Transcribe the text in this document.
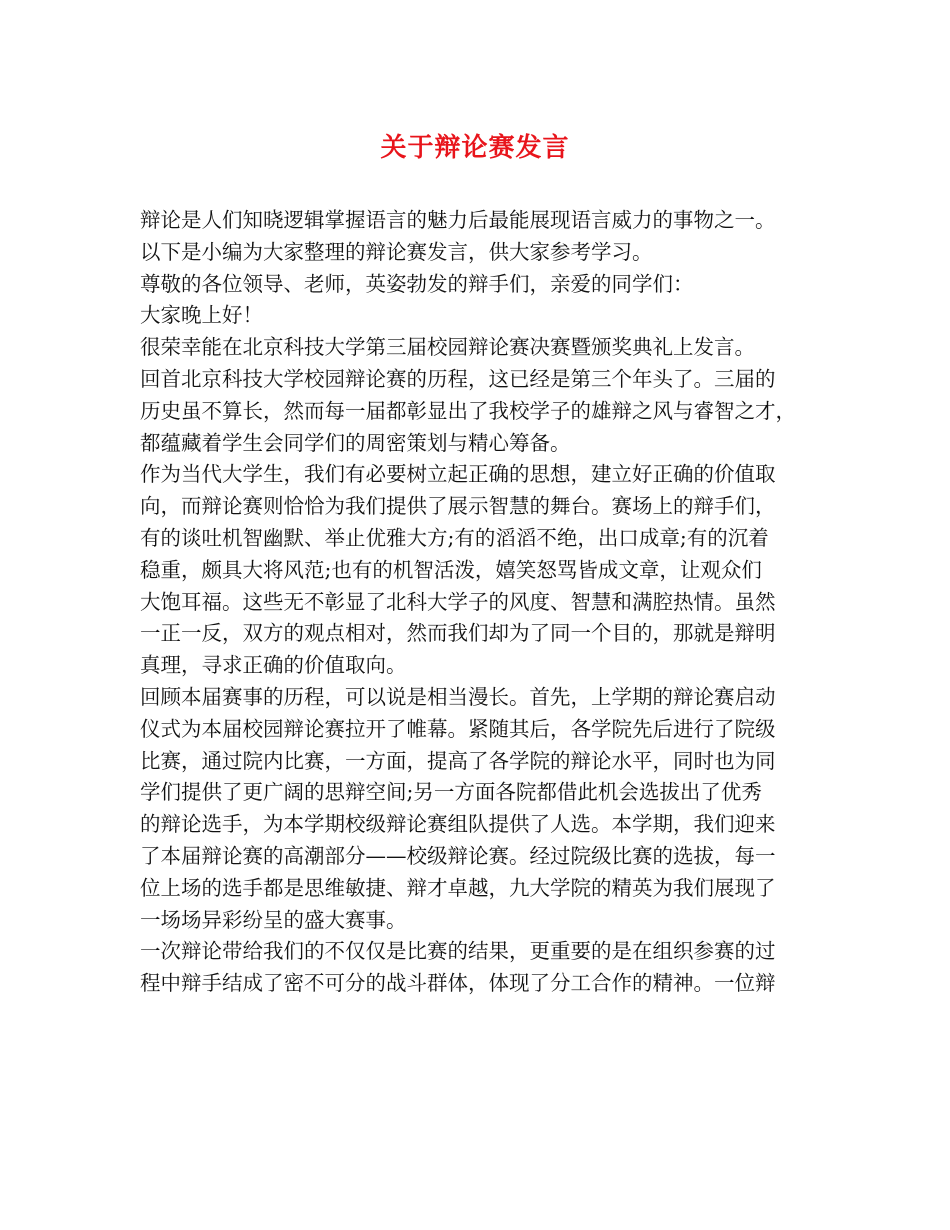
关于辩论赛发言

辩论是人们知晓逻辑掌握语言的魅力后最能展现语言威力的事物之一。

以下是小编为大家整理的辩论赛发言，供大家参考学习。

尊敬的各位领导、老师，英姿勃发的辩手们，亲爱的同学们：

大家晚上好！

很荣幸能在北京科技大学第三届校园辩论赛决赛暨颁奖典礼上发言。

回首北京科技大学校园辩论赛的历程，这已经是第三个年头了。三届的
历史虽不算长，然而每一届都彰显出了我校学子的雄辩之风与睿智之才，
都蕴藏着学生会同学们的周密策划与精心筹备。

作为当代大学生，我们有必要树立起正确的思想，建立好正确的价值取
向，而辩论赛则恰恰为我们提供了展示智慧的舞台。赛场上的辩手们，
有的谈吐机智幽默、举止优雅大方;有的滔滔不绝，出口成章;有的沉着
稳重，颇具大将风范;也有的机智活泼，嬉笑怒骂皆成文章，让观众们
大饱耳福。这些无不彰显了北科大学子的风度、智慧和满腔热情。虽然
一正一反，双方的观点相对，然而我们却为了同一个目的，那就是辩明
真理，寻求正确的价值取向。

回顾本届赛事的历程，可以说是相当漫长。首先，上学期的辩论赛启动
仪式为本届校园辩论赛拉开了帷幕。紧随其后，各学院先后进行了院级
比赛，通过院内比赛，一方面，提高了各学院的辩论水平，同时也为同
学们提供了更广阔的思辩空间;另一方面各院都借此机会选拔出了优秀
的辩论选手，为本学期校级辩论赛组队提供了人选。本学期，我们迎来
了本届辩论赛的高潮部分——校级辩论赛。经过院级比赛的选拔，每一
位上场的选手都是思维敏捷、辩才卓越，九大学院的精英为我们展现了
一场场异彩纷呈的盛大赛事。

一次辩论带给我们的不仅仅是比赛的结果，更重要的是在组织参赛的过
程中辩手结成了密不可分的战斗群体，体现了分工合作的精神。一位辩
